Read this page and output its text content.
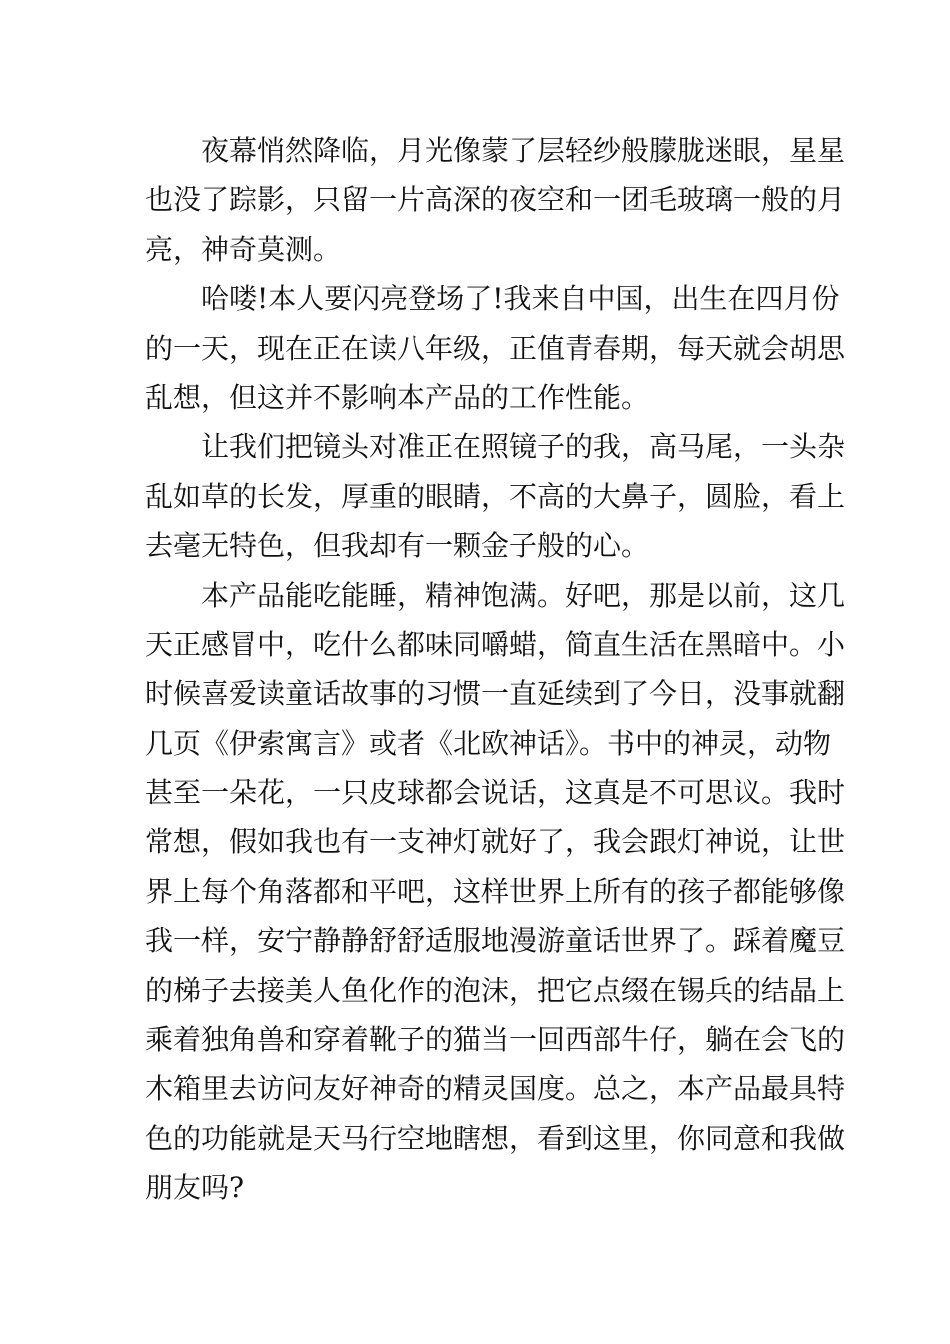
夜幕悄然降临，月光像蒙了层轻纱般朦胧迷眼，星星
也没了踪影，只留一片高深的夜空和一团毛玻璃一般的月
亮，神奇莫测。
哈喽!本人要闪亮登场了!我来自中国，出生在四月份
的一天，现在正在读八年级，正值青春期，每天就会胡思
乱想，但这并不影响本产品的工作性能。
让我们把镜头对准正在照镜子的我，高马尾，一头杂
乱如草的长发，厚重的眼睛，不高的大鼻子，圆脸，看上
去毫无特色，但我却有一颗金子般的心。
本产品能吃能睡，精神饱满。好吧，那是以前，这几
天正感冒中，吃什么都味同嚼蜡，简直生活在黑暗中。小
时候喜爱读童话故事的习惯一直延续到了今日，没事就翻
几页《伊索寓言》或者《北欧神话》。书中的神灵，动物
甚至一朵花，一只皮球都会说话，这真是不可思议。我时
常想，假如我也有一支神灯就好了，我会跟灯神说，让世
界上每个角落都和平吧，这样世界上所有的孩子都能够像
我一样，安宁静静舒舒适服地漫游童话世界了。踩着魔豆
的梯子去接美人鱼化作的泡沫，把它点缀在锡兵的结晶上
乘着独角兽和穿着靴子的猫当一回西部牛仔，躺在会飞的
木箱里去访问友好神奇的精灵国度。总之，本产品最具特
色的功能就是天马行空地瞎想，看到这里，你同意和我做
朋友吗?
